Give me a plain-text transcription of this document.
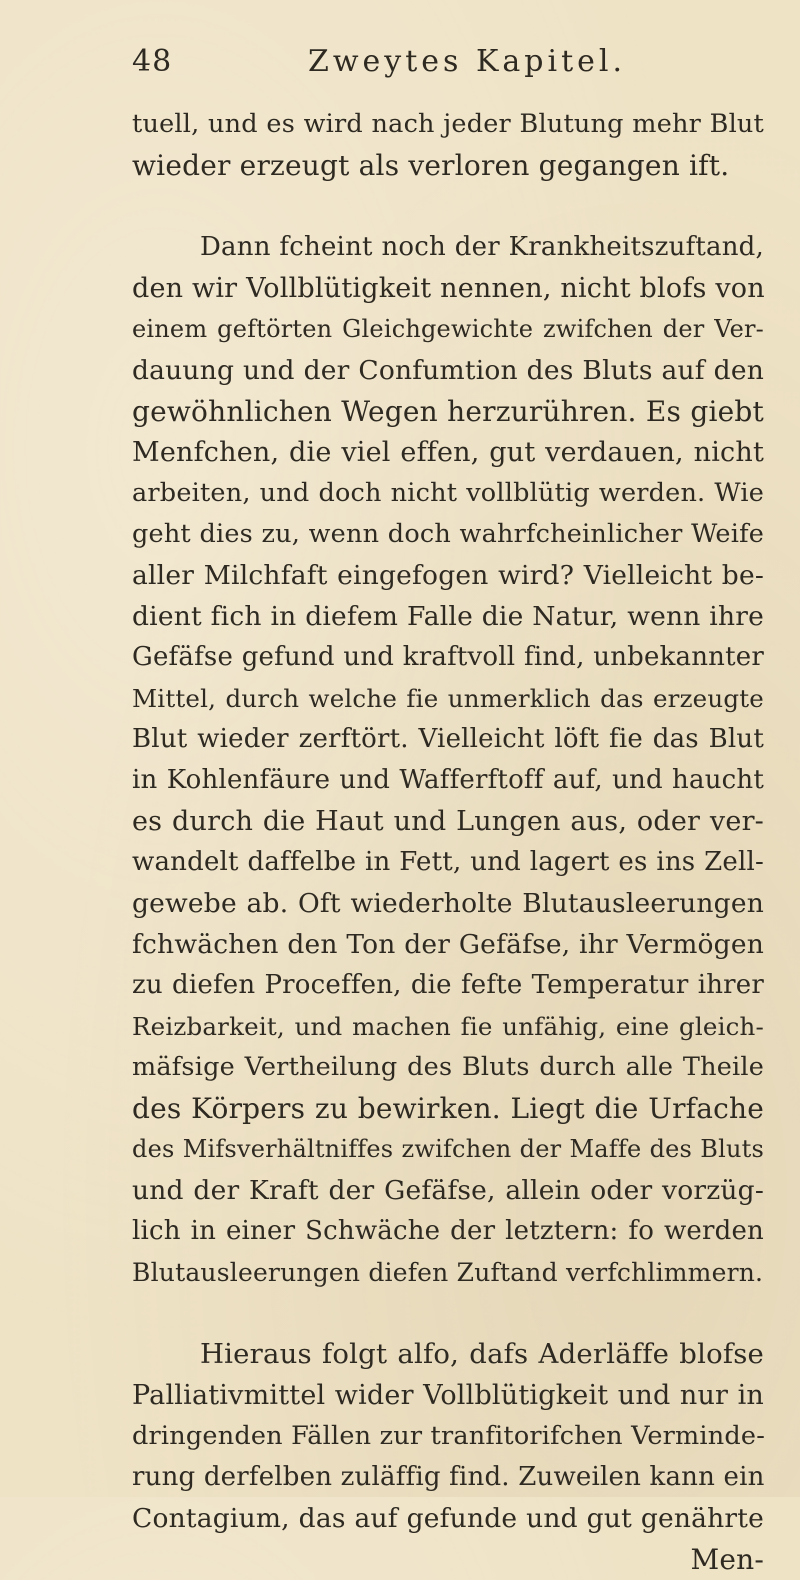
48	Zweytes Kapitel.
tuell, und es wird nach jeder Blutung mehr Blut
wieder erzeugt als verloren gegangen ift.
Dann fcheint noch der Krankheitszuftand,
den wir Vollblütigkeit nennen, nicht blofs von
einem geftörten Gleichgewichte zwifchen der Ver-
dauung und der Confumtion des Bluts auf den
gewöhnlichen Wegen herzurühren. Es giebt
Menfchen, die viel effen, gut verdauen, nicht
arbeiten, und doch nicht vollblütig werden. Wie
geht dies zu, wenn doch wahrfcheinlicher Weife
aller Milchfaft eingefogen wird? Vielleicht be-
dient fich in diefem Falle die Natur, wenn ihre
Gefäfse gefund und kraftvoll find, unbekannter
Mittel, durch welche fie unmerklich das erzeugte
Blut wieder zerftört. Vielleicht löft fie das Blut
in Kohlenfäure und Wafferftoff auf, und haucht
es durch die Haut und Lungen aus, oder ver-
wandelt daffelbe in Fett, und lagert es ins Zell-
gewebe ab. Oft wiederholte Blutausleerungen
fchwächen den Ton der Gefäfse, ihr Vermögen
zu diefen Proceffen, die fefte Temperatur ihrer
Reizbarkeit, und machen fie unfähig, eine gleich-
mäfsige Vertheilung des Bluts durch alle Theile
des Körpers zu bewirken. Liegt die Urfache
des Mifsverhältniffes zwifchen der Maffe des Bluts
und der Kraft der Gefäfse, allein oder vorzüg-
lich in einer Schwäche der letztern: fo werden
Blutausleerungen diefen Zuftand verfchlimmern.
Hieraus folgt alfo, dafs Aderläffe blofse
Palliativmittel wider Vollblütigkeit und nur in
dringenden Fällen zur tranfitorifchen Verminde-
rung derfelben zuläffig find. Zuweilen kann ein
Contagium, das auf gefunde und gut genährte
Men-
